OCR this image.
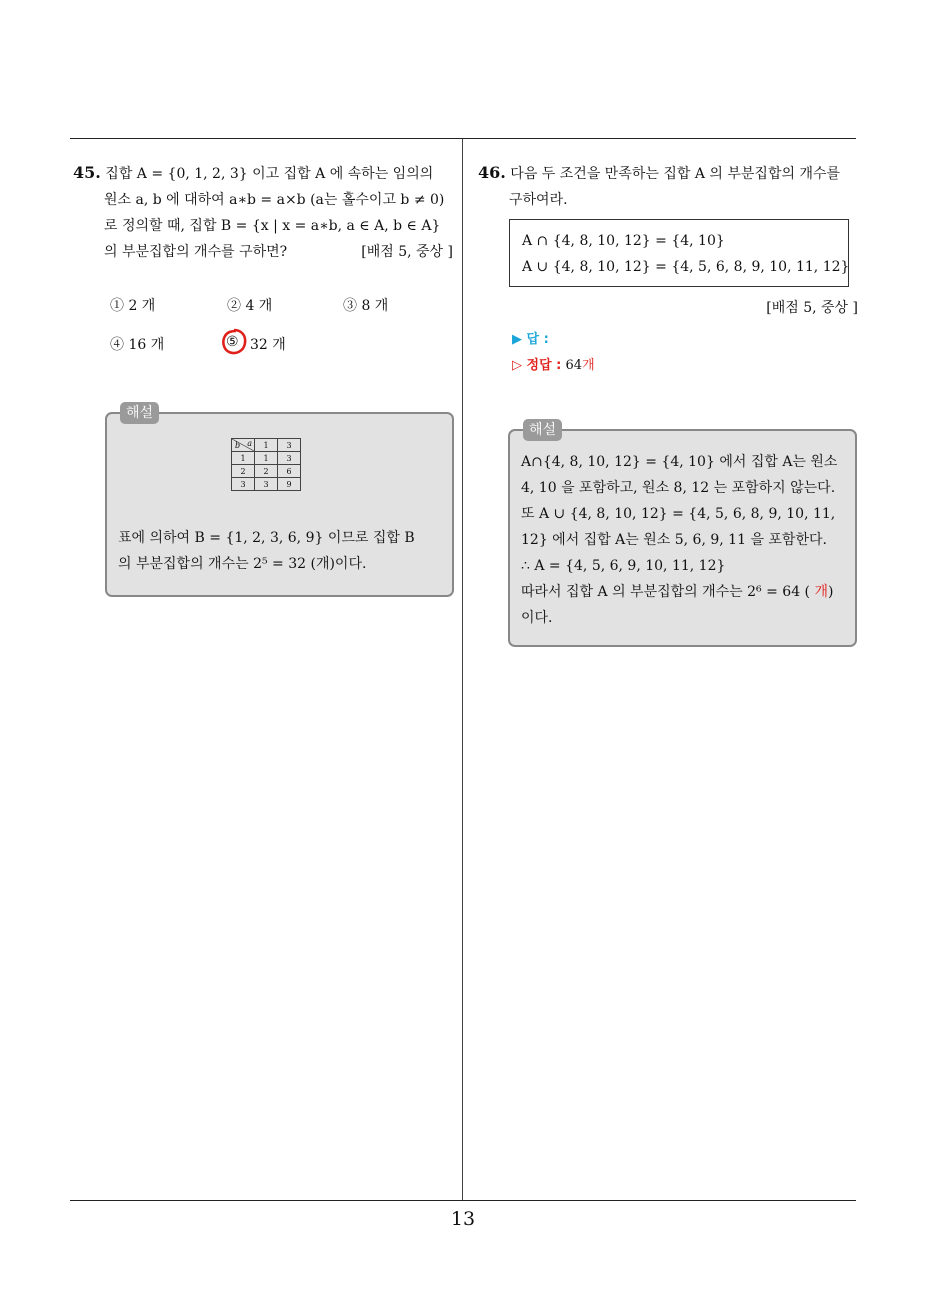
13

45. 집합 A = {0, 1, 2, 3} 이고 집합 A 에 속하는 임의의

원소 a, b 에 대하여 a∗b = a×b (a는 홀수이고 b ≠ 0)

로 정의할 때, 집합 B = {x | x = a∗b, a ∈ A, b ∈ A}

의 부분집합의 개수를 구하면?	[배점 5, 중상 ]

① 2 개	② 4 개	③ 8 개
④ 16 개	⑤ 32 개
해설
a
b	1	3
1	1	3
2	2	6
3	3	9

표에 의하여 B = {1, 2, 3, 6, 9} 이므로 집합 B

의 부분집합의 개수는 2⁵ = 32 (개)이다.

46. 다음 두 조건을 만족하는 집합 A 의 부분집합의 개수를

구하여라.

A ∩ {4, 8, 10, 12} = {4, 10}

A ∪ {4, 8, 10, 12} = {4, 5, 6, 8, 9, 10, 11, 12}

[배점 5, 중상 ]
▶ 답 :
▷ 정답 : 64개
해설

A∩{4, 8, 10, 12} = {4, 10} 에서 집합 A는 원소

4, 10 을 포함하고, 원소 8, 12 는 포함하지 않는다.

또 A ∪ {4, 8, 10, 12} = {4, 5, 6, 8, 9, 10, 11,

12} 에서 집합 A는 원소 5, 6, 9, 11 을 포함한다.

∴ A = {4, 5, 6, 9, 10, 11, 12}

따라서 집합 A 의 부분집합의 개수는 2⁶ = 64 ( 개)

이다.
